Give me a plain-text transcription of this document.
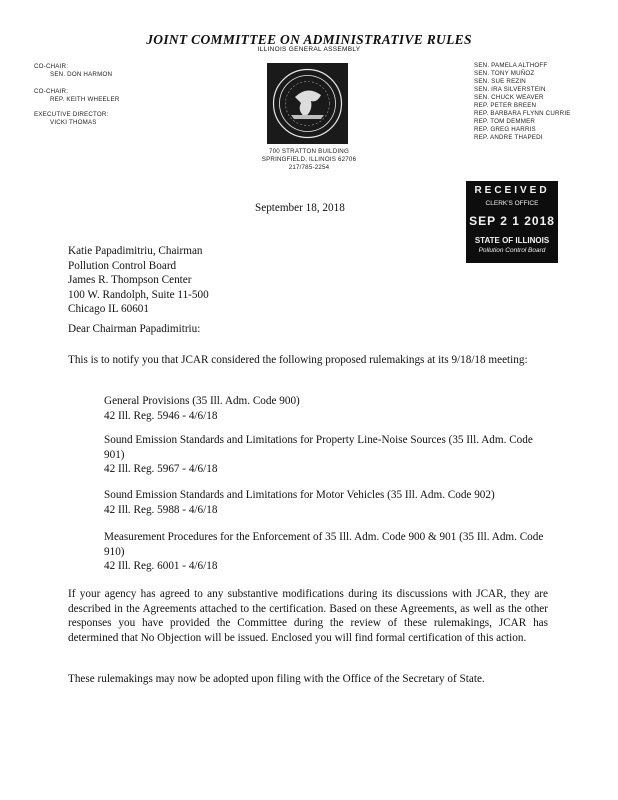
JOINT COMMITTEE ON ADMINISTRATIVE RULES
ILLINOIS GENERAL ASSEMBLY
CO-CHAIR:
SEN. DON HARMON
CO-CHAIR:
REP. KEITH WHEELER
EXECUTIVE DIRECTOR:
VICKI THOMAS
700 STRATTON BUILDING
SPRINGFIELD, ILLINOIS 62706
217/785-2254
SEN. PAMELA ALTHOFF
SEN. TONY MUÑOZ
SEN. SUE REZIN
SEN. IRA SILVERSTEIN
SEN. CHUCK WEAVER
REP. PETER BREEN
REP. BARBARA FLYNN CURRIE
REP. TOM DEMMER
REP. GREG HARRIS
REP. ANDRE THAPEDI
RECEIVED
CLERK'S OFFICE
SEP 2 1 2018
STATE OF ILLINOIS
Pollution Control Board
September 18, 2018
Katie Papadimitriu, Chairman
Pollution Control Board
James R. Thompson Center
100 W. Randolph, Suite 11-500
Chicago IL 60601
Dear Chairman Papadimitriu:
This is to notify you that JCAR considered the following proposed rulemakings at its 9/18/18 meeting:
General Provisions (35 Ill. Adm. Code 900)
42 Ill. Reg. 5946 - 4/6/18
Sound Emission Standards and Limitations for Property Line-Noise Sources (35 Ill. Adm. Code 901)
42 Ill. Reg. 5967 - 4/6/18
Sound Emission Standards and Limitations for Motor Vehicles (35 Ill. Adm. Code 902)
42 Ill. Reg. 5988 - 4/6/18
Measurement Procedures for the Enforcement of 35 Ill. Adm. Code 900 & 901 (35 Ill. Adm. Code 910)
42 Ill. Reg. 6001 - 4/6/18
If your agency has agreed to any substantive modifications during its discussions with JCAR, they are described in the Agreements attached to the certification. Based on these Agreements, as well as the other responses you have provided the Committee during the review of these rulemakings, JCAR has determined that No Objection will be issued. Enclosed you will find formal certification of this action.
These rulemakings may now be adopted upon filing with the Office of the Secretary of State.
